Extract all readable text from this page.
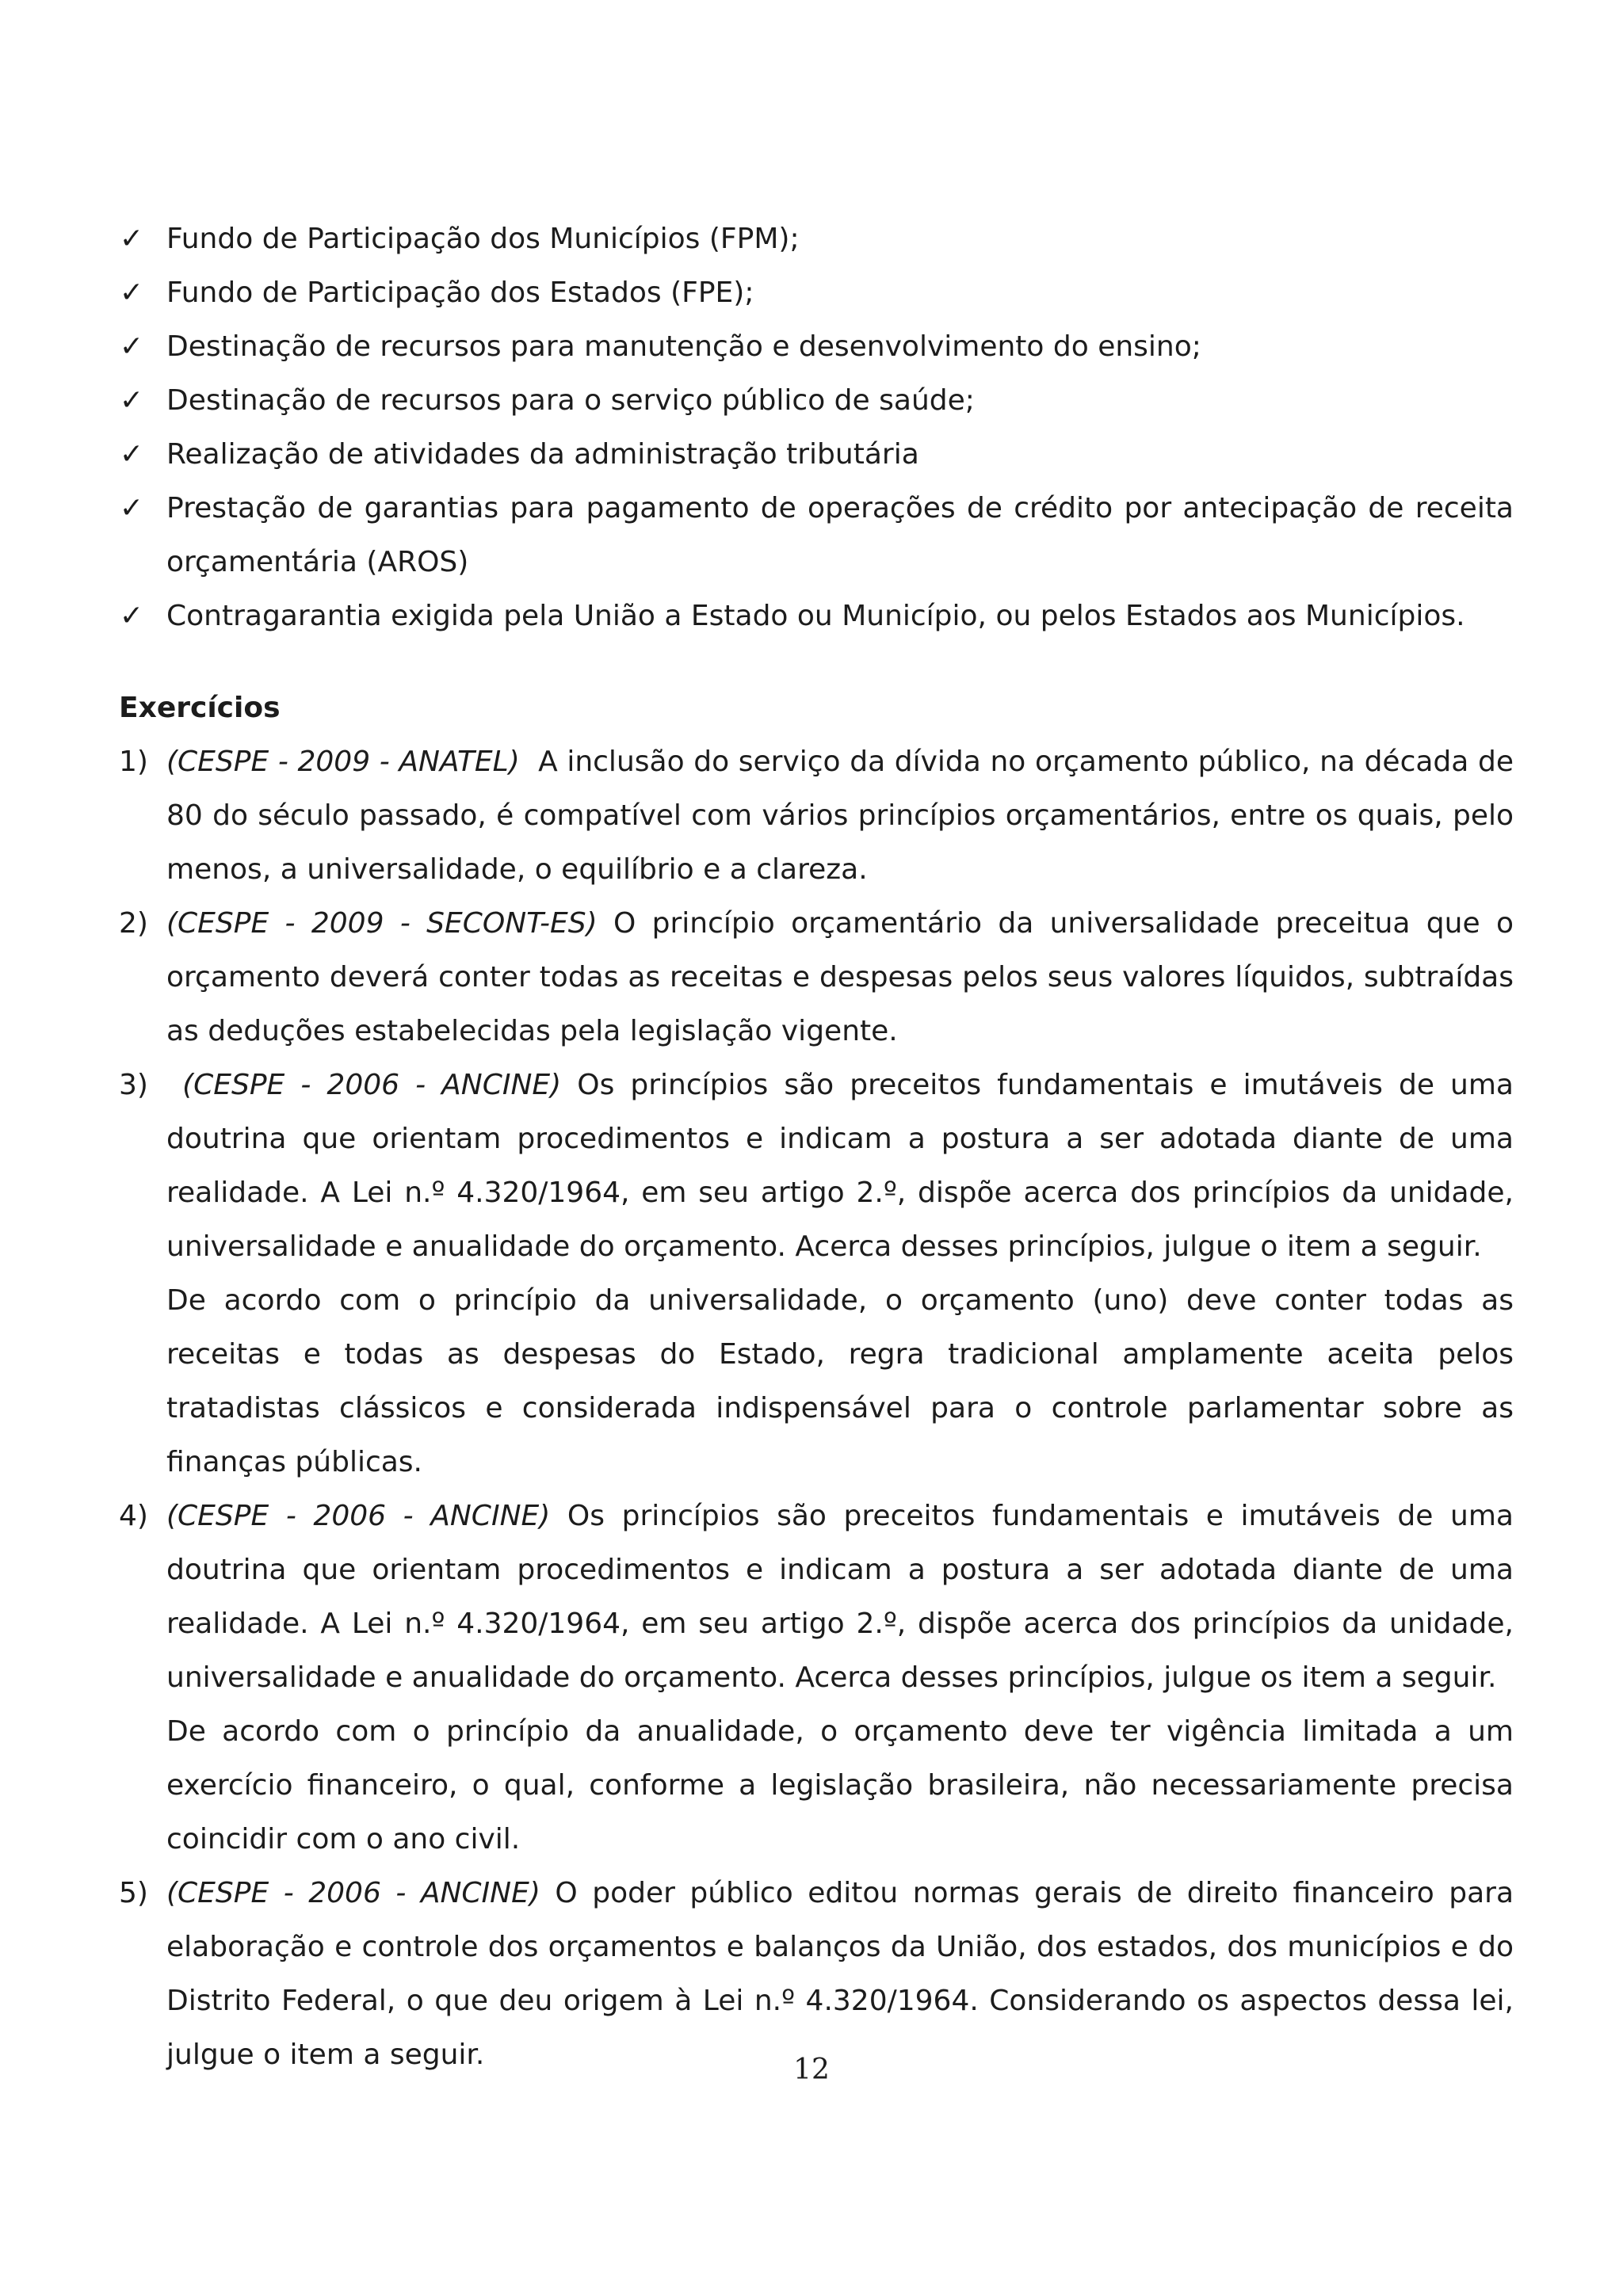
✓ Fundo de Participação dos Municípios (FPM);
✓ Fundo de Participação dos Estados (FPE);
✓ Destinação de recursos para manutenção e desenvolvimento do ensino;
✓ Destinação de recursos para o serviço público de saúde;
✓ Realização de atividades da administração tributária
✓ Prestação de garantias para pagamento de operações de crédito por antecipação de receita orçamentária (AROS)
✓ Contragarantia exigida pela União a Estado ou Município, ou pelos Estados aos Municípios.
Exercícios
1) (CESPE - 2009 - ANATEL) A inclusão do serviço da dívida no orçamento público, na década de 80 do século passado, é compatível com vários princípios orçamentários, entre os quais, pelo menos, a universalidade, o equilíbrio e a clareza.

2) (CESPE - 2009 - SECONT-ES) O princípio orçamentário da universalidade preceitua que o orçamento deverá conter todas as receitas e despesas pelos seus valores líquidos, subtraídas as deduções estabelecidas pela legislação vigente.

3)	(CESPE - 2006 - ANCINE) Os princípios são preceitos fundamentais e imutáveis de uma doutrina que orientam procedimentos e indicam a postura a ser adotada diante de uma realidade. A Lei n.º 4.320/1964, em seu artigo 2.º, dispõe acerca dos princípios da unidade, universalidade e anualidade do orçamento. Acerca desses princípios, julgue o item a seguir.

De acordo com o princípio da universalidade, o orçamento (uno) deve conter todas as receitas e todas as despesas do Estado, regra tradicional amplamente aceita pelos tratadistas clássicos e considerada indispensável para o controle parlamentar sobre as finanças públicas.

4) (CESPE - 2006 - ANCINE) Os princípios são preceitos fundamentais e imutáveis de uma doutrina que orientam procedimentos e indicam a postura a ser adotada diante de uma realidade. A Lei n.º 4.320/1964, em seu artigo 2.º, dispõe acerca dos princípios da unidade, universalidade e anualidade do orçamento. Acerca desses princípios, julgue os item a seguir.

De acordo com o princípio da anualidade, o orçamento deve ter vigência limitada a um exercício financeiro, o qual, conforme a legislação brasileira, não necessariamente precisa coincidir com o ano civil.

5) (CESPE - 2006 - ANCINE) O poder público editou normas gerais de direito financeiro para elaboração e controle dos orçamentos e balanços da União, dos estados, dos municípios e do Distrito Federal, o que deu origem à Lei n.º 4.320/1964. Considerando os aspectos dessa lei, julgue o item a seguir.	12
